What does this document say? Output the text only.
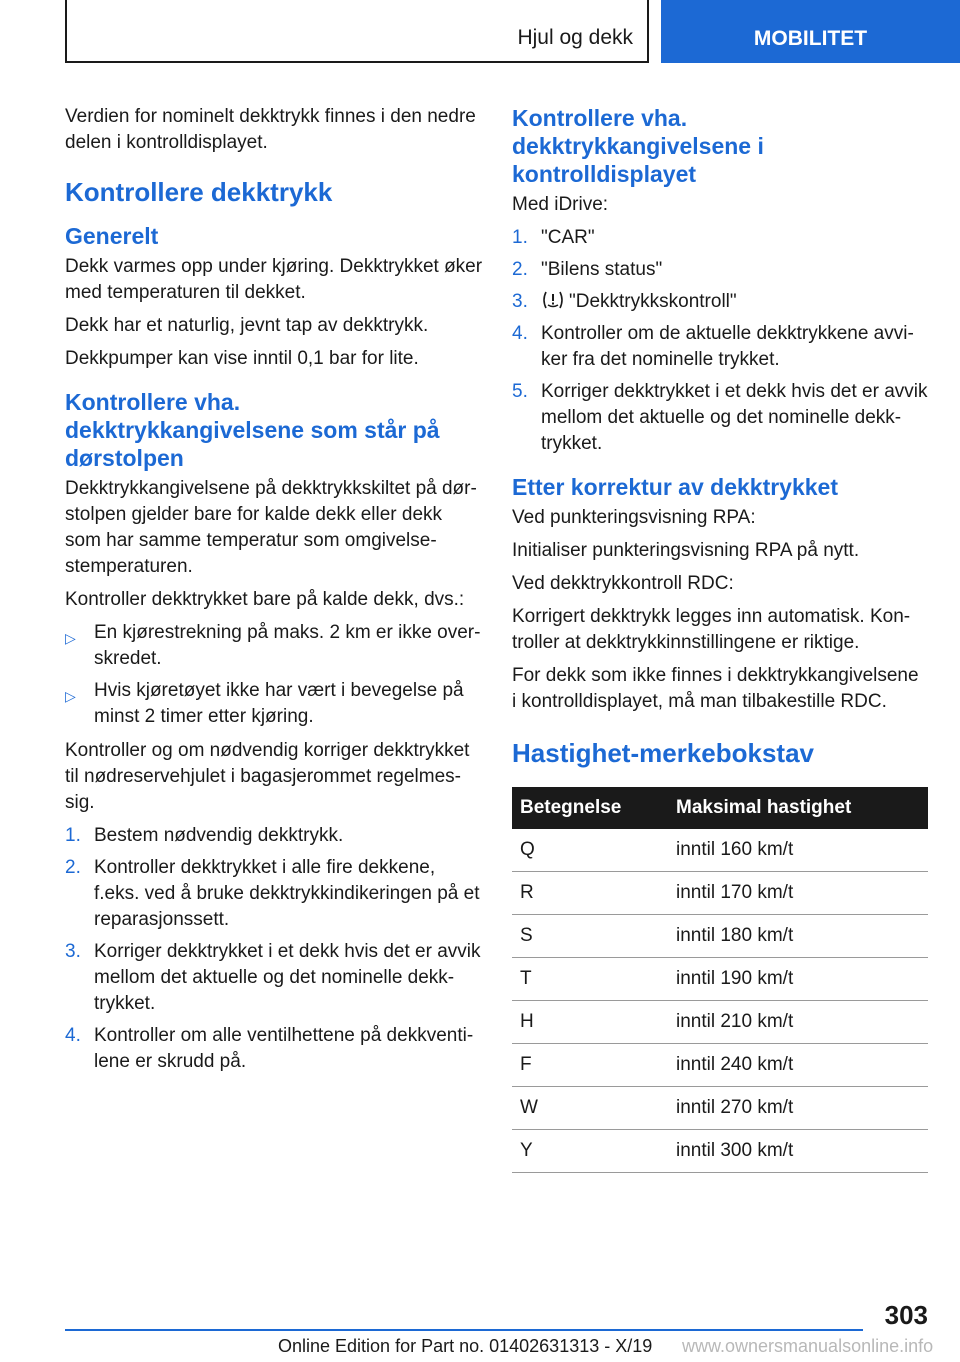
Hjul og dekk	MOBILITET

Verdien for nominelt dekktrykk finnes i den nedre delen i kontrolldisplayet.

Kontrollere dekktrykk
Generelt

Dekk varmes opp under kjøring. Dekktrykket øker med temperaturen til dekket.

Dekk har et naturlig, jevnt tap av dekktrykk.

Dekkpumper kan vise inntil 0,1 bar for lite.

Kontrollere vha. dekktrykkangivelsene som står på dørstolpen

Dekktrykkangivelsene på dekktrykkskiltet på dør-stolpen gjelder bare for kalde dekk eller dekk som har samme temperatur som omgivelse-stemperaturen.

Kontroller dekktrykket bare på kalde dekk, dvs.:

▷ En kjørestrekning på maks. 2 km er ikke over-skredet.
▷ Hvis kjøretøyet ikke har vært i bevegelse på minst 2 timer etter kjøring.

Kontroller og om nødvendig korriger dekktrykket til nødreservehjulet i bagasjerommet regelmes-sig.

1. Bestem nødvendig dekktrykk.
2. Kontroller dekktrykket i alle fire dekkene, f.eks. ved å bruke dekktrykkindikeringen på et reparasjonssett.
3. Korriger dekktrykket i et dekk hvis det er avvik mellom det aktuelle og det nominelle dekk-trykket.
4. Kontroller om alle ventilhettene på dekkventi-lene er skrudd på.
Kontrollere vha. dekktrykkangivelsene i kontrolldisplayet

Med iDrive:

1. "CAR"
2. "Bilens status"
3. "Dekktrykkskontroll"
4. Kontroller om de aktuelle dekktrykkene avvi-ker fra det nominelle trykket.
5. Korriger dekktrykket i et dekk hvis det er avvik mellom det aktuelle og det nominelle dekk-trykket.
Etter korrektur av dekktrykket

Ved punkteringsvisning RPA:

Initialiser punkteringsvisning RPA på nytt.

Ved dekktrykkontroll RDC:

Korrigert dekktrykk legges inn automatisk. Kon-troller at dekktrykkinnstillingene er riktige.

For dekk som ikke finnes i dekktrykkangivelsene i kontrolldisplayet, må man tilbakestille RDC.

Hastighet-merkebokstav
Betegnelse	Maksimal hastighet
Q	inntil 160 km/t
R	inntil 170 km/t
S	inntil 180 km/t
T	inntil 190 km/t
H	inntil 210 km/t
F	inntil 240 km/t
W	inntil 270 km/t
Y	inntil 300 km/t
303
Online Edition for Part no. 01402631313 - X/19 www.ownersmanualsonline.info
